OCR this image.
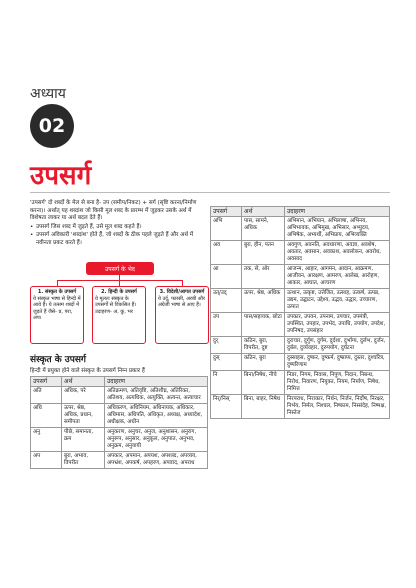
अध्याय
02
उपसर्ग

'उपसर्ग' दो शब्दों के मेल से बना है- उप (समीप/निकट) + सर्ग (सृष्टि करना/निर्माण करना)। अर्थात् यह शब्दांश जो किसी मूल शब्द के प्रारम्भ में जुड़कर उसके अर्थ में विशेषता लाकर या अर्थ बदल देते हैं।

• उपसर्ग जिस शब्द में जुड़ते हैं, उसे मूल शब्द कहते हैं।

• उपसर्ग अविकारी 'शब्दांश' होते हैं, जो शब्दों के ठीक पहले जुड़ते हैं और अर्थ में नवीनता प्रकट करते हैं।

उपसर्ग के भेद
1. संस्कृत के उपसर्ग
ये संस्कृत भाषा से हिन्दी में आये हैं। ये तत्सम शब्दों में जुड़ते हैं जैसे- प्र, परा, अप।
2. हिन्दी के उपसर्ग
ये मूलतः संस्कृत के उपसर्गों से विकसित हैं। उदाहरण- अ, कु, भर
3. विदेशी/आगत उपसर्ग
ये उर्दू, फारसी, अरबी और अंग्रेजी भाषा से आए हैं।
संस्कृत के उपसर्ग
हिन्दी में प्रयुक्त होने वाले संस्कृत के उपसर्ग निम्न प्रकार हैं
उपसर्ग	अर्थ	उदाहरण
अति	अधिक, परे	अतिक्रमण, अतिवृष्टि, अतिशीघ्र, अतिरिक्त, अतिशय, अत्यधिक, अत्युक्ति, अत्यन्त, अत्याचार
अधि	ऊपर, श्रेष्ठ, अधिक, प्रधान, समीपता	अधिकरण, अधिनियम, अधिनायक, अधिकार, अधिमास, अधिपति, अधिकृत, अध्यक्ष, अध्यादेश, अधीक्षक, अधीन
अनु	पीछे, समानता, क्रम	अनुकरण, अनुचर, अनुज, अनुशासन, अनुराग, अनुरूप, अनुसार, अनुकूल, अनुपात, अनुभव, अनुक्रम, अनुयायी
अप	बुरा, अभाव, विपरीत	अपकार, अपमान, अपयश, अपशब्द, अपव्यय, अपभ्रंश, अपकर्ष, अपहरण, अपवाद, अपराध
उपसर्ग	अर्थ	उदाहरण
अभि	पास, सामने, अधिक	अभिमान, अभियान, अभिलाषा, अभिनय, अभिभावक, अभिमुख, अभिसार, अभ्युदय, अभिषेक, अभ्यर्थी, अभिप्राय, अभिव्यक्ति
अव	बुरा, हीन, पतन	अवगुण, अवनति, अवधारणा, अवज्ञा, अवशेष, अवतार, अवसान, अवकाश, अवलोकन, अवरोध, अवसाद
आ	तक, से, ओर	आजन्म, आहार, आगमन, आदान, आक्रमण, आजीवन, आरक्षण, आमरण, आलेख, आरोहण, आकार, आघात, आचरण
उत्/उद्	ऊपर, श्रेष्ठ, अधिक	उत्थान, उत्कृष्ट, उत्तेजित, उत्साह, उत्कर्ष, उत्पन्न, उद्यम, उद्घाटन, उद्देश्य, उद्भव, उद्धार, उच्चारण, उत्पात
उप	पास/सहायक, छोटा	उपकार, उपवन, उपनाम, उपचार, उपमंत्री, उपस्थित, उपहार, उपभेद, उपाधि, उपयोग, उपदेश, उपनिषद, उपसंहार
दुर्	कठिन, बुरा, विपरीत, दुष्ट	दुराचार, दुर्गुण, दुर्गम, दुर्दशा, दुर्भाग्य, दुर्लभ, दुर्जन, दुर्बल, दुर्व्यवहार, दुरुपयोग, दुर्घटना
दुस्	कठिन, बुरा	दुस्साहस, दुष्कर, दुष्कर्म, दुष्प्राप्य, दुस्तर, दुश्चरित्र, दुष्परिणाम
नि	बिना/निषेध, नीचे	निडर, निगम, निवास, निपुण, निदान, निबन्ध, निरोध, निवारण, नियुक्त, नियम, निर्माण, निषेध, निमित्त
निर्/निस्	बिना, बाहर, निषेध	निरपराध, निराकार, निर्धन, निर्जन, निर्दोष, निरक्षर, निर्भय, निर्मल, निश्चल, निष्काम, निस्संदेह, निष्पक्ष, निस्तेज
